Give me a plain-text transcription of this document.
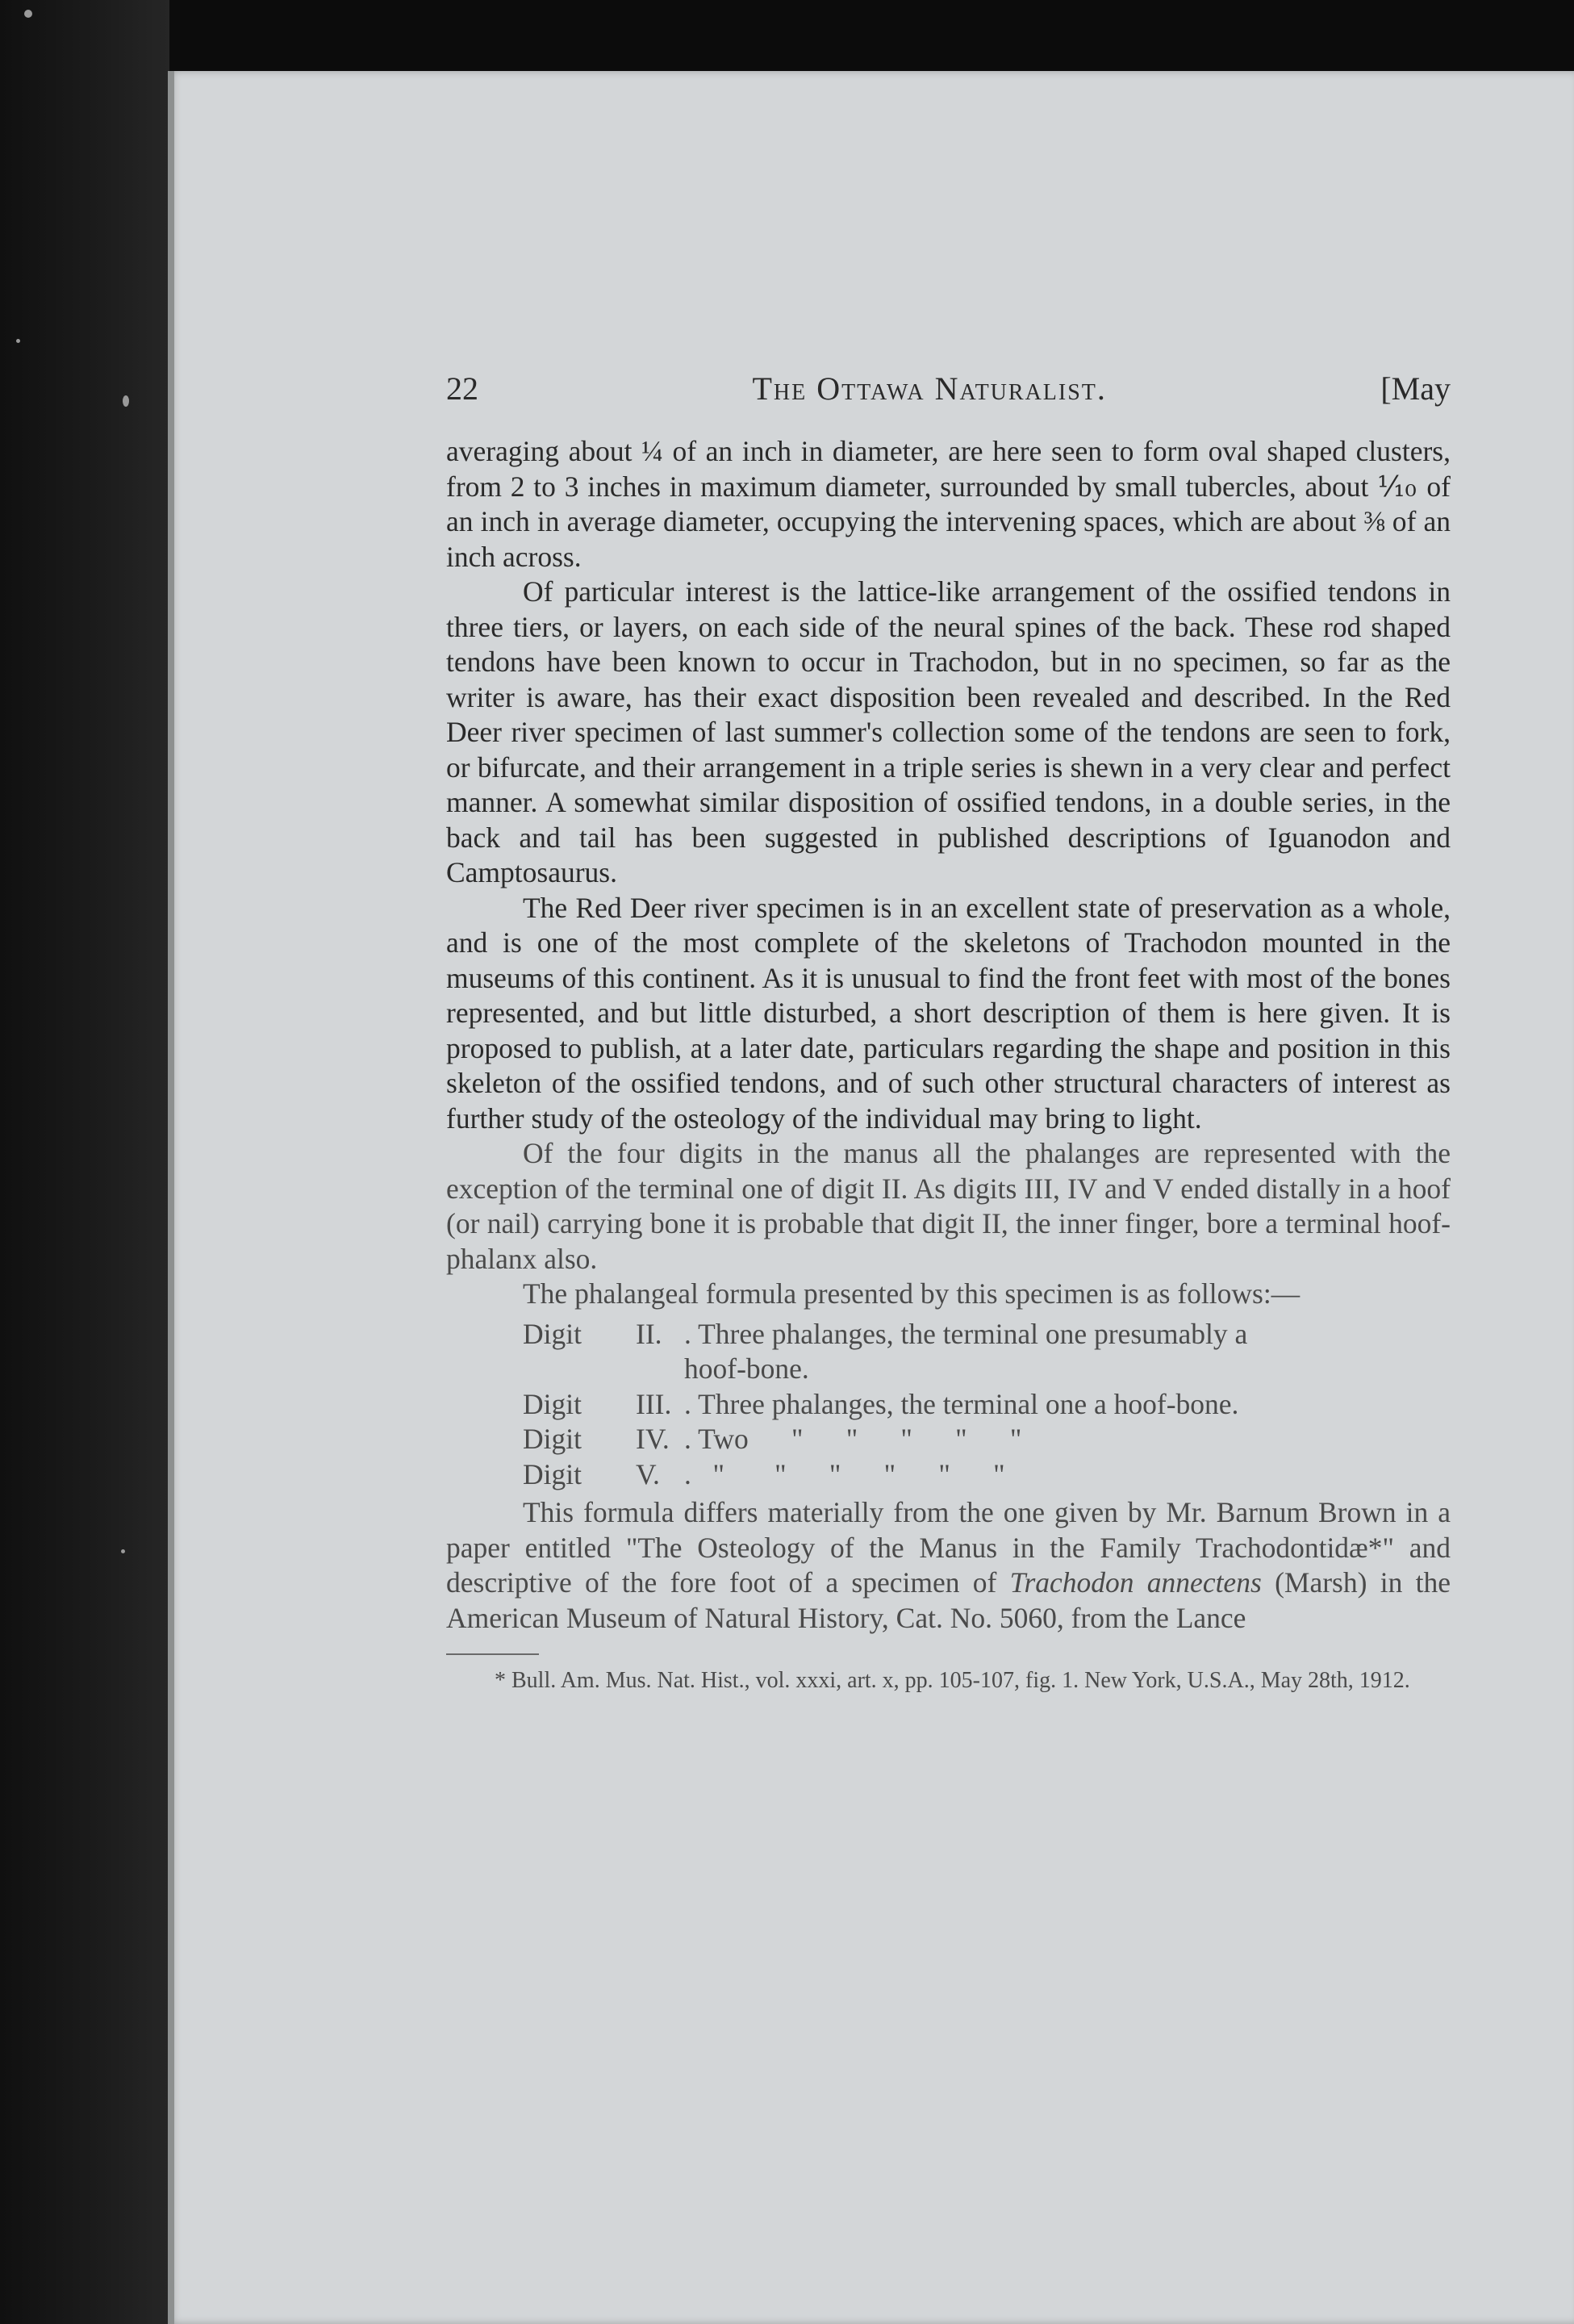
22	The Ottawa Naturalist.	[May

averaging about ¼ of an inch in diameter, are here seen to form oval shaped clusters, from 2 to 3 inches in maximum diameter, surrounded by small tubercles, about ⅒ of an inch in average diameter, occupying the intervening spaces, which are about ⅜ of an inch across.

Of particular interest is the lattice-like arrangement of the ossified tendons in three tiers, or layers, on each side of the neural spines of the back. These rod shaped tendons have been known to occur in Trachodon, but in no specimen, so far as the writer is aware, has their exact disposition been revealed and described. In the Red Deer river specimen of last summer's collection some of the tendons are seen to fork, or bifurcate, and their arrangement in a triple series is shewn in a very clear and perfect manner. A somewhat similar disposition of ossified tendons, in a double series, in the back and tail has been suggested in published descriptions of Iguanodon and Camptosaurus.

The Red Deer river specimen is in an excellent state of preservation as a whole, and is one of the most complete of the skeletons of Trachodon mounted in the museums of this continent. As it is unusual to find the front feet with most of the bones represented, and but little disturbed, a short description of them is here given. It is proposed to publish, at a later date, particulars regarding the shape and position in this skeleton of the ossified tendons, and of such other structural characters of interest as further study of the osteology of the individual may bring to light.

Of the four digits in the manus all the phalanges are represented with the exception of the terminal one of digit II. As digits III, IV and V ended distally in a hoof (or nail) carrying bone it is probable that digit II, the inner finger, bore a terminal hoof-phalanx also.

The phalangeal formula presented by this specimen is as follows:—

Digit	II. . Three phalanges, the terminal one presumably a
hoof-bone.
Digit	III. . Three phalanges, the terminal one a hoof-bone.
Digit	IV. . Two      "      "      "      "      "
Digit	V. .   "       "      "      "      "      "

This formula differs materially from the one given by Mr. Barnum Brown in a paper entitled "The Osteology of the Manus in the Family Trachodontidæ*" and descriptive of the fore foot of a specimen of Trachodon annectens (Marsh) in the American Museum of Natural History, Cat. No. 5060, from the Lance

* Bull. Am. Mus. Nat. Hist., vol. xxxi, art. x, pp. 105-107, fig. 1. New York, U.S.A., May 28th, 1912.
